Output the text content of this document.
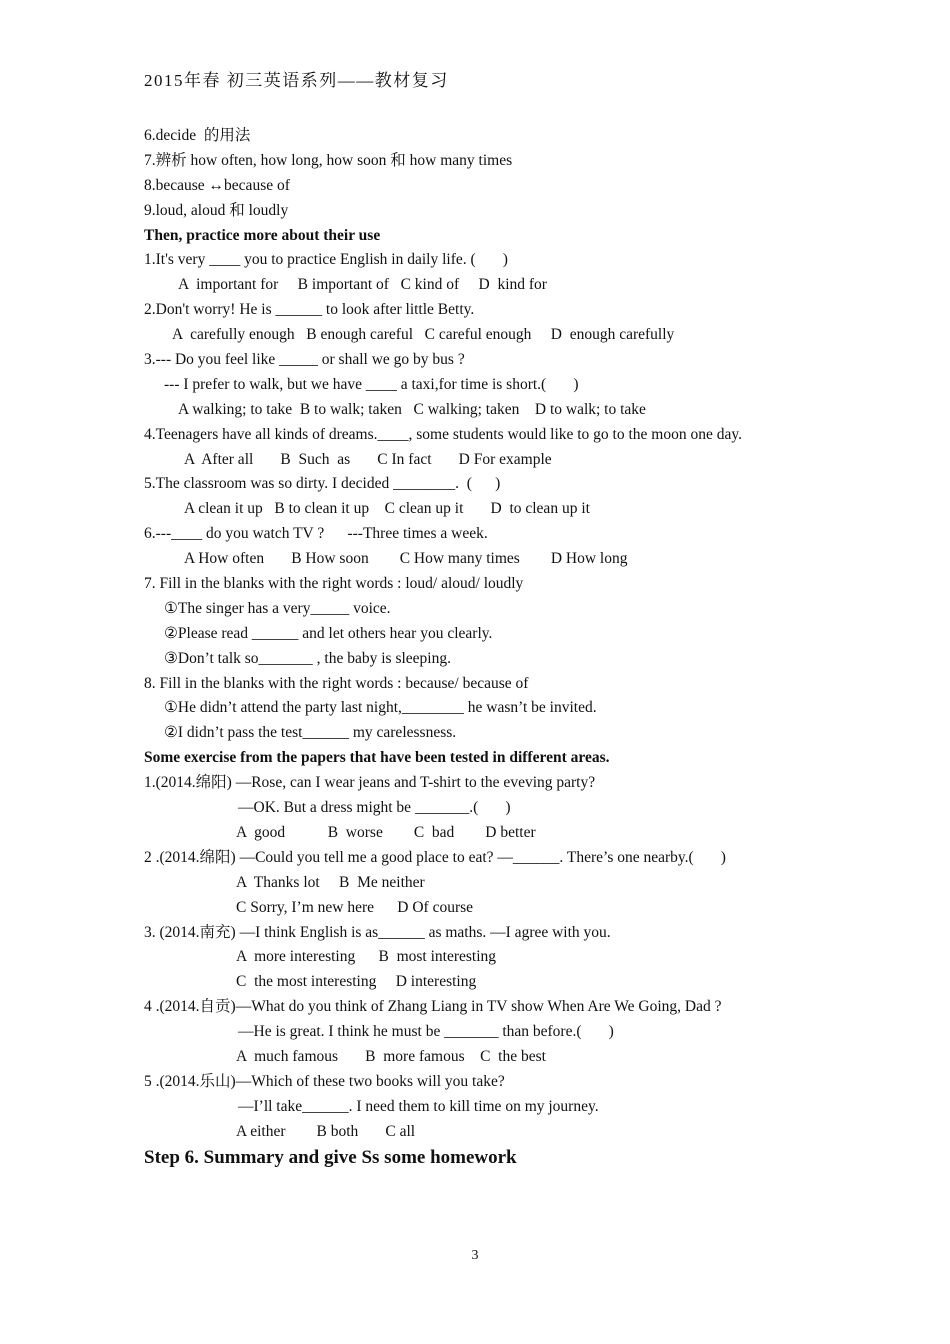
2015年春 初三英语系列——教材复习
6.decide  的用法
7.辨析 how often, how long, how soon 和 how many times
8.because ↔because of
9.loud, aloud 和 loudly
Then, practice more about their use
1.It's very ____ you to practice English in daily life. (       )
A  important for     B important of   C kind of     D  kind for
2.Don't worry! He is ______ to look after little Betty.
A  carefully enough   B enough careful   C careful enough     D  enough carefully
3.--- Do you feel like _____ or shall we go by bus ?
--- I prefer to walk, but we have ____ a taxi,for time is short.(       )
A walking; to take  B to walk; taken   C walking; taken    D to walk; to take
4.Teenagers have all kinds of dreams.____, some students would like to go to the moon one day.
A  After all       B  Such  as       C In fact       D For example
5.The classroom was so dirty. I decided ________.  (      )
A clean it up   B to clean it up    C clean up it       D  to clean up it
6.---____ do you watch TV ?      ---Three times a week.
A How often       B How soon        C How many times        D How long
7. Fill in the blanks with the right words : loud/ aloud/ loudly
①The singer has a very_____ voice.
②Please read ______ and let others hear you clearly.
③Don’t talk so_______ , the baby is sleeping.
8. Fill in the blanks with the right words : because/ because of
①He didn’t attend the party last night,________ he wasn’t be invited.
②I didn’t pass the test______ my carelessness.
Some exercise from the papers that have been tested in different areas.
1.(2014.绵阳) —Rose, can I wear jeans and T-shirt to the eveving party?
—OK. But a dress might be _______.(       )
A  good           B  worse        C  bad        D better
2 .(2014.绵阳) —Could you tell me a good place to eat? —______. There’s one nearby.(       )
A  Thanks lot     B  Me neither
C Sorry, I’m new here      D Of course
3. (2014.南充) —I think English is as______ as maths. —I agree with you.
A  more interesting      B  most interesting
C  the most interesting     D interesting
4 .(2014.自贡)—What do you think of Zhang Liang in TV show When Are We Going, Dad ?
—He is great. I think he must be _______ than before.(       )
A  much famous       B  more famous    C  the best
5 .(2014.乐山)—Which of these two books will you take?
—I’ll take______. I need them to kill time on my journey.
A either        B both       C all
Step 6. Summary and give Ss some homework
3
